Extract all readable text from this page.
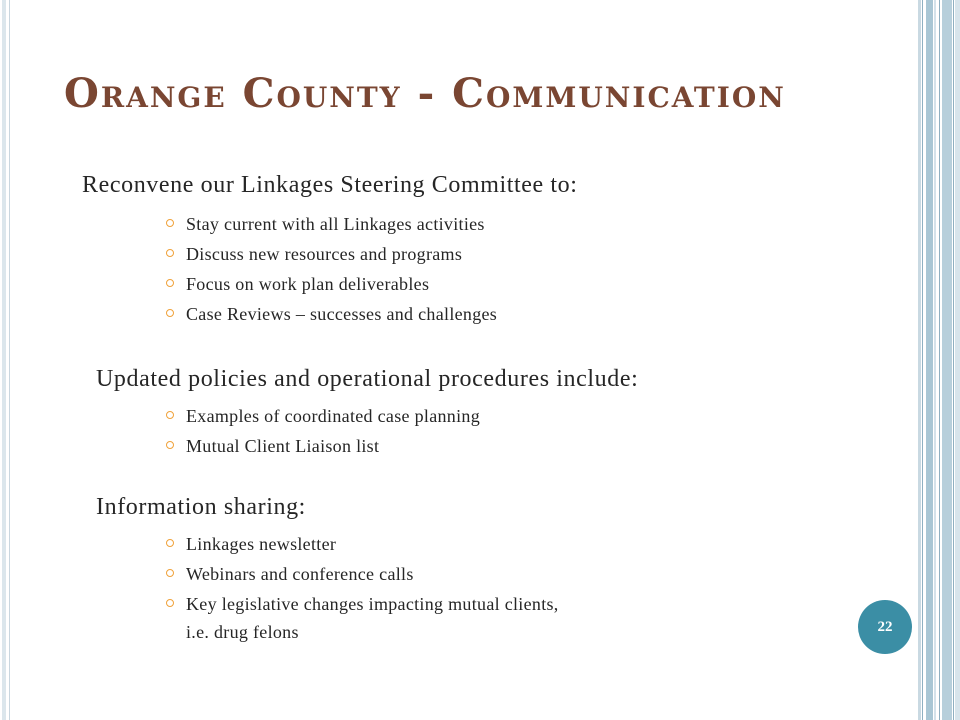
Orange County - Communication

Reconvene our Linkages Steering Committee to:

Stay current with all Linkages activities
Discuss new resources and programs
Focus on work plan deliverables
Case Reviews – successes and challenges

Updated policies and operational procedures include:

Examples of coordinated case planning
Mutual Client Liaison list

Information sharing:

Linkages newsletter
Webinars and conference calls
Key legislative changes impacting mutual clients,

i.e. drug felons	22
